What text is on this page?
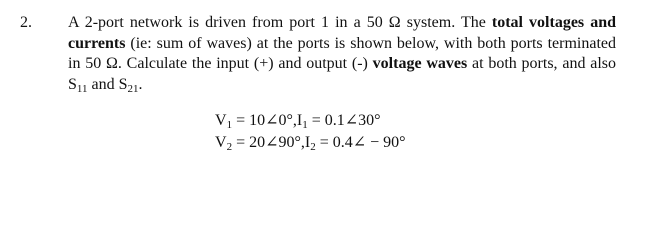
2. A 2-port network is driven from port 1 in a 50 Ω system. The total voltages and currents (ie: sum of waves) at the ports is shown below, with both ports terminated in 50 Ω. Calculate the input (+) and output (-) voltage waves at both ports, and also $S_{11}$ and $S_{21}$.
$V_1$ = $10\angle 0^\circ,I_1$ = 0.1∠30°
$V_2$ = $20\angle 90^\circ,I_2$ = 0.4∠ − 90°
